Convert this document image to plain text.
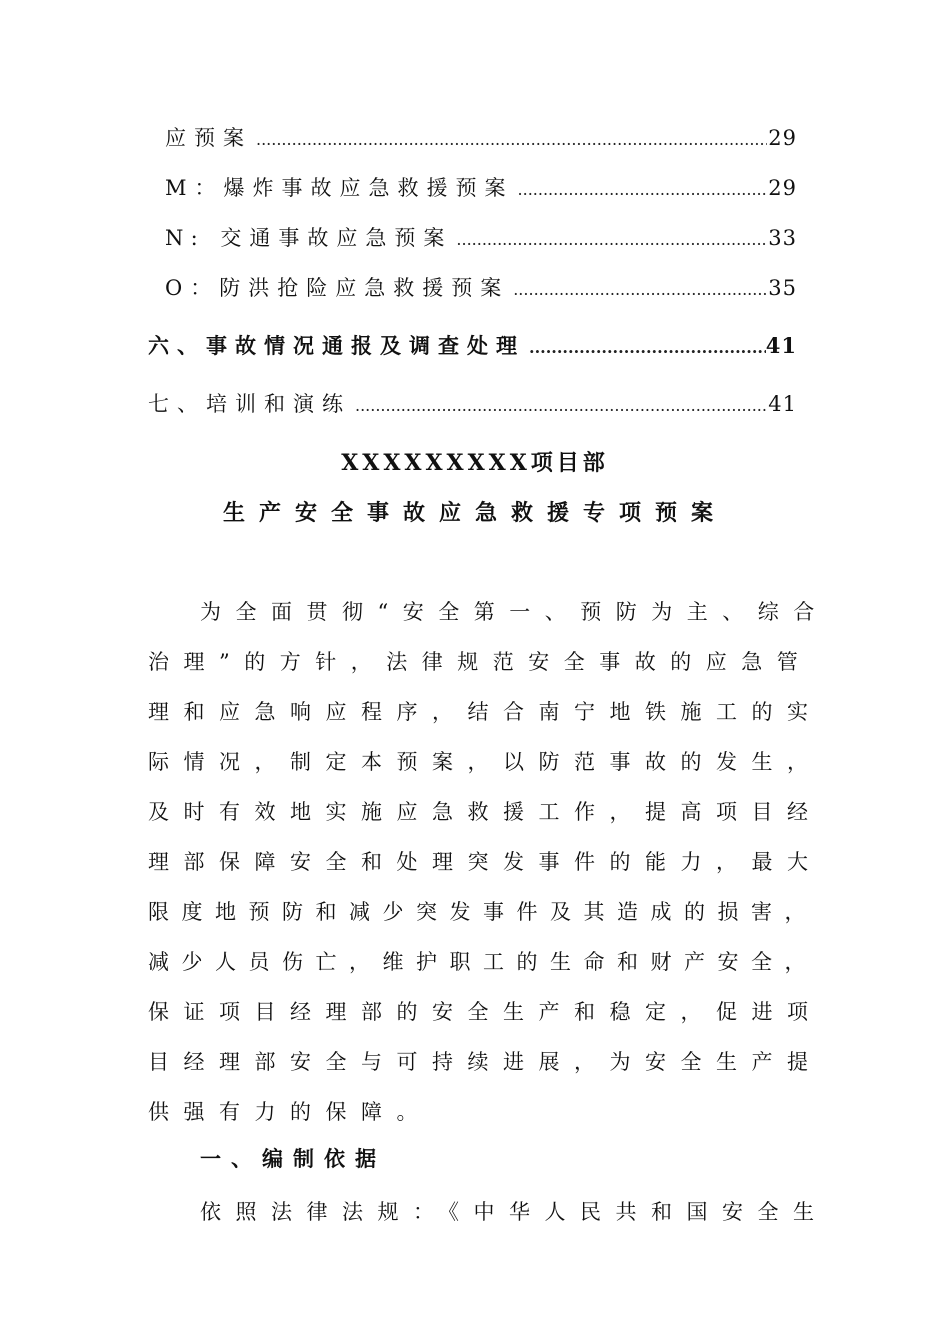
应预案 .....	29
M：爆炸事故应急救援预案 .....	29
N: 交通事故应急预案 .....	33
O：防洪抢险应急救援预案 .....	35
六、事故情况通报及调查处理 .....	41
七、培训和演练 .....	41
XXXXXXXXX项目部
生产安全事故应急救援专项预案
为全面贯彻“安全第一、预防为主、综合
治理”的方针，法律规范安全事故的应急管
理和应急响应程序，结合南宁地铁施工的实
际情况，制定本预案，以防范事故的发生，
及时有效地实施应急救援工作，提高项目经
理部保障安全和处理突发事件的能力，最大
限度地预防和减少突发事件及其造成的损害，
减少人员伤亡，维护职工的生命和财产安全，
保证项目经理部的安全生产和稳定，促进项
目经理部安全与可持续进展，为安全生产提
供强有力的保障。
一、编制依据
依照法律法规：《中华人民共和国安全生
